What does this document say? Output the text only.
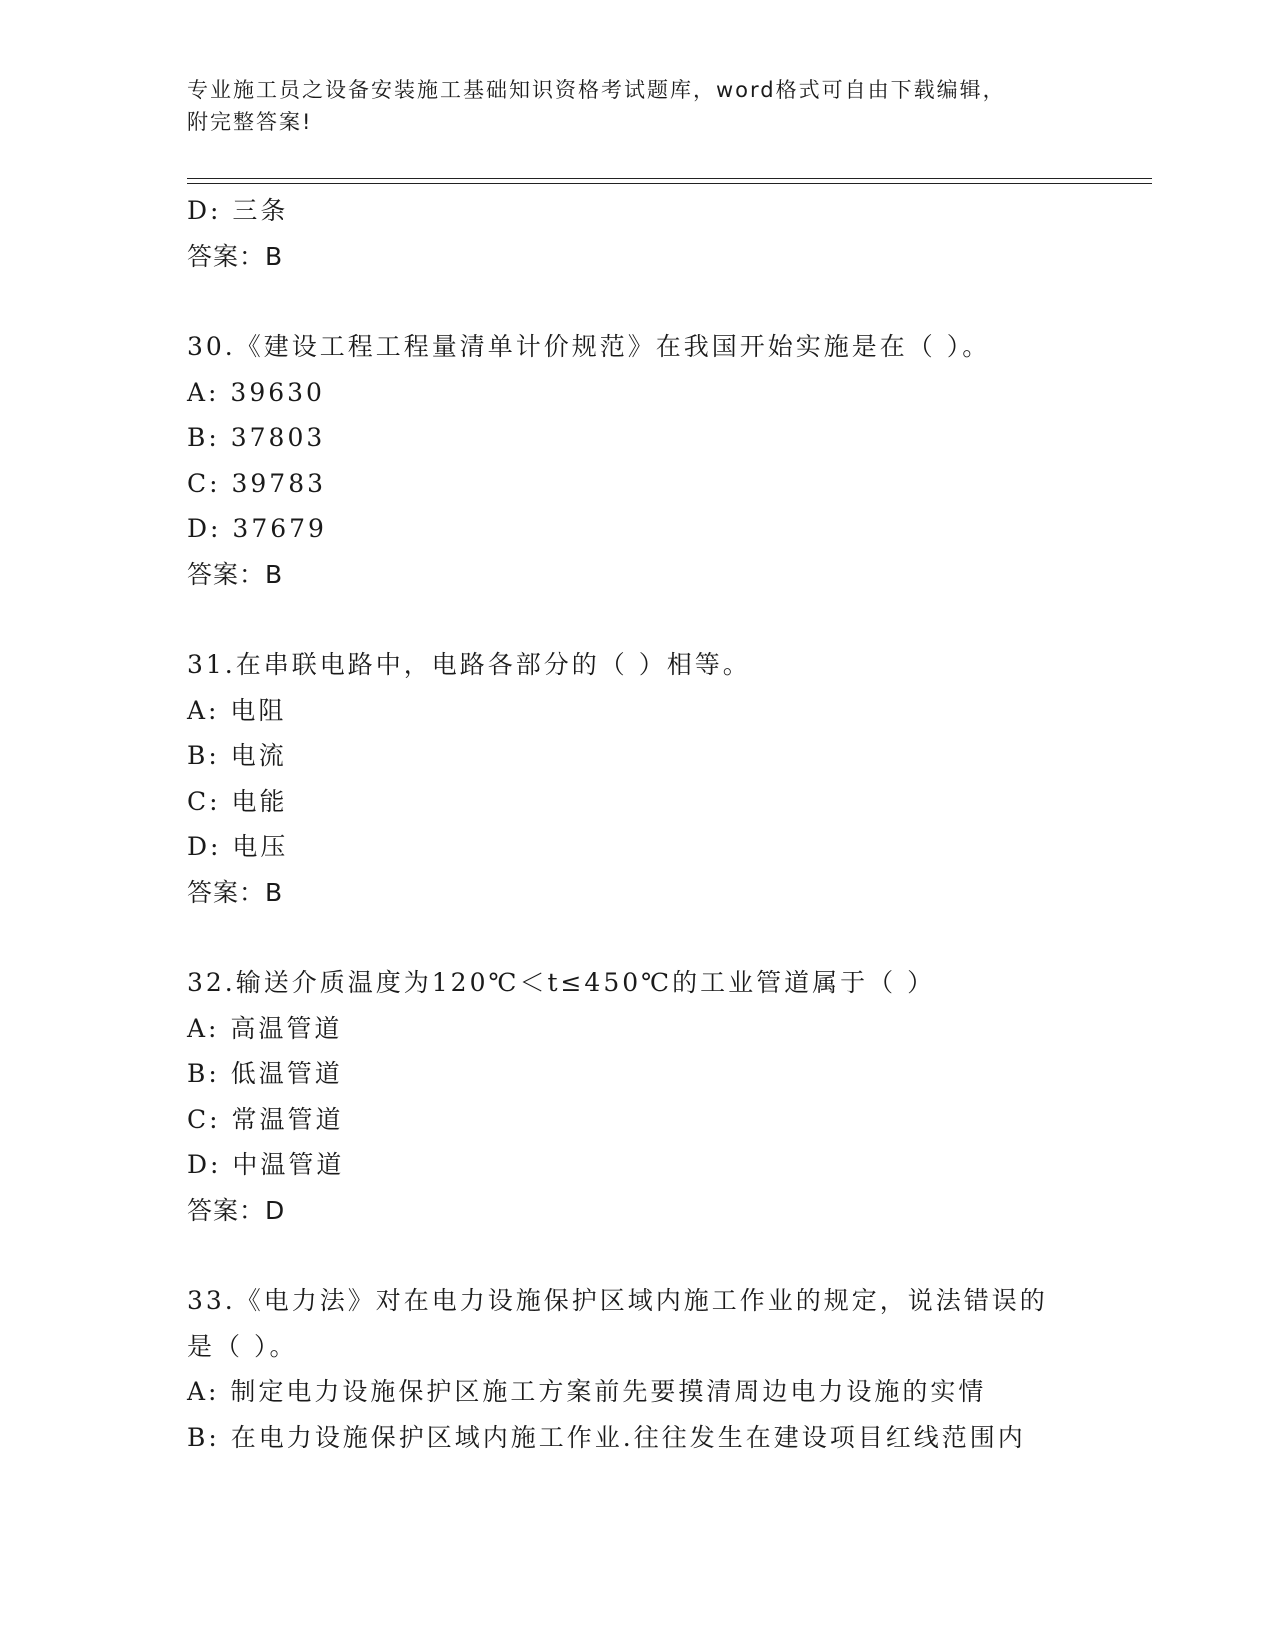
专业施工员之设备安装施工基础知识资格考试题库，word格式可自由下载编辑，
附完整答案!
D: 三条
答案：B
30.《建设工程工程量清单计价规范》在我国开始实施是在（ ）。
A: 39630
B: 37803
C: 39783
D: 37679
答案：B
31.在串联电路中，电路各部分的（ ）相等。
A: 电阻
B: 电流
C: 电能
D: 电压
答案：B
32.输送介质温度为120℃＜t≤450℃的工业管道属于（ ）
A: 高温管道
B: 低温管道
C: 常温管道
D: 中温管道
答案：D
33.《电力法》对在电力设施保护区域内施工作业的规定，说法错误的
是（ ）。
A: 制定电力设施保护区施工方案前先要摸清周边电力设施的实情
B: 在电力设施保护区域内施工作业.往往发生在建设项目红线范围内
